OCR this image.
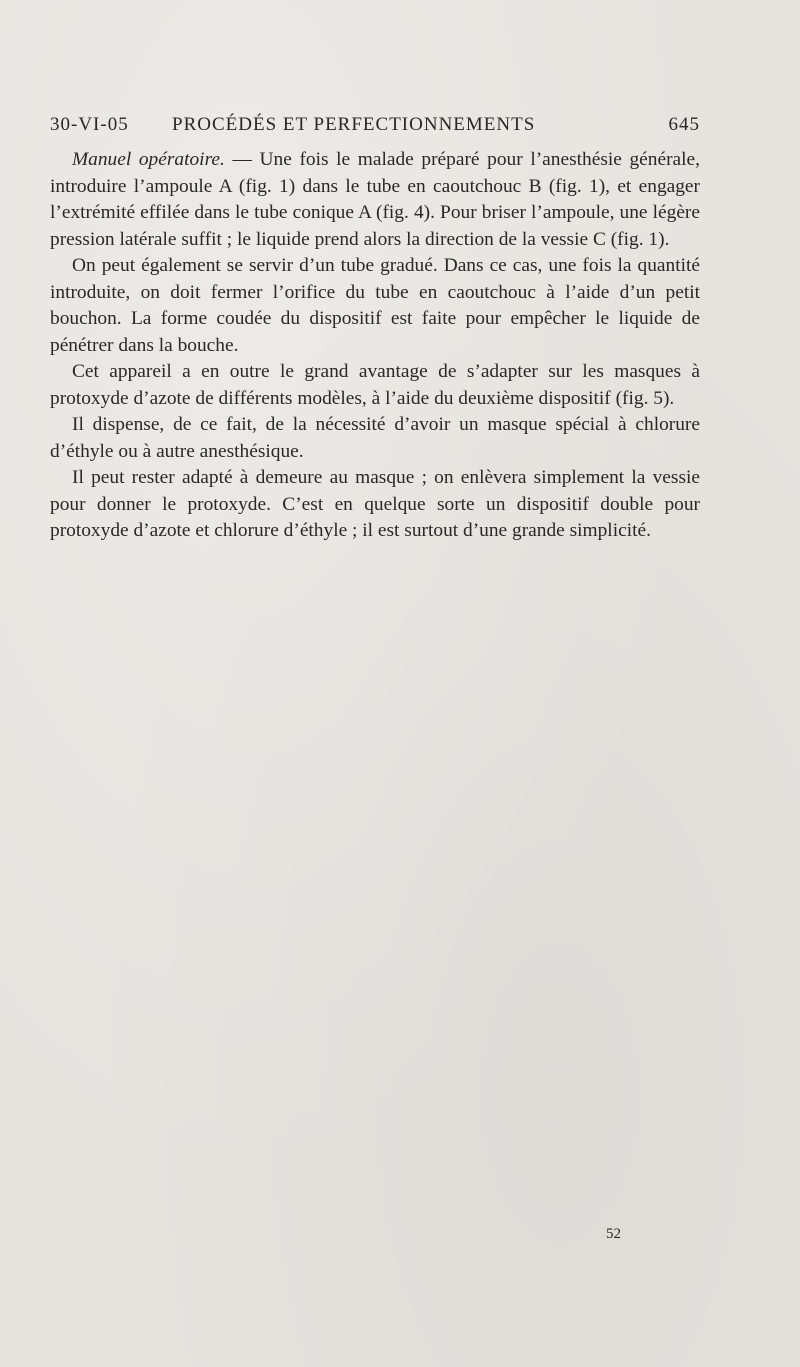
30-VI-05 PROCÉDÉS ET PERFECTIONNEMENTS	645

Manuel opératoire. — Une fois le malade préparé pour l’anesthésie générale, introduire l’ampoule A (fig. 1) dans le tube en caoutchouc B (fig. 1), et engager l’extrémité effilée dans le tube conique A (fig. 4). Pour briser l’ampoule, une légère pression latérale suffit ; le liquide prend alors la direction de la vessie C (fig. 1).

On peut également se servir d’un tube gradué. Dans ce cas, une fois la quantité introduite, on doit fermer l’orifice du tube en caoutchouc à l’aide d’un petit bouchon. La forme coudée du dispositif est faite pour empêcher le liquide de pénétrer dans la bouche.

Cet appareil a en outre le grand avantage de s’adapter sur les masques à protoxyde d’azote de différents modèles, à l’aide du deuxième dispositif (fig. 5).

Il dispense, de ce fait, de la nécessité d’avoir un masque spécial à chlorure d’éthyle ou à autre anesthésique.

Il peut rester adapté à demeure au masque ; on enlèvera simplement la vessie pour donner le protoxyde. C’est en quelque sorte un dispositif double pour protoxyde d’azote et chlorure d’éthyle ; il est surtout d’une grande simplicité.

52
